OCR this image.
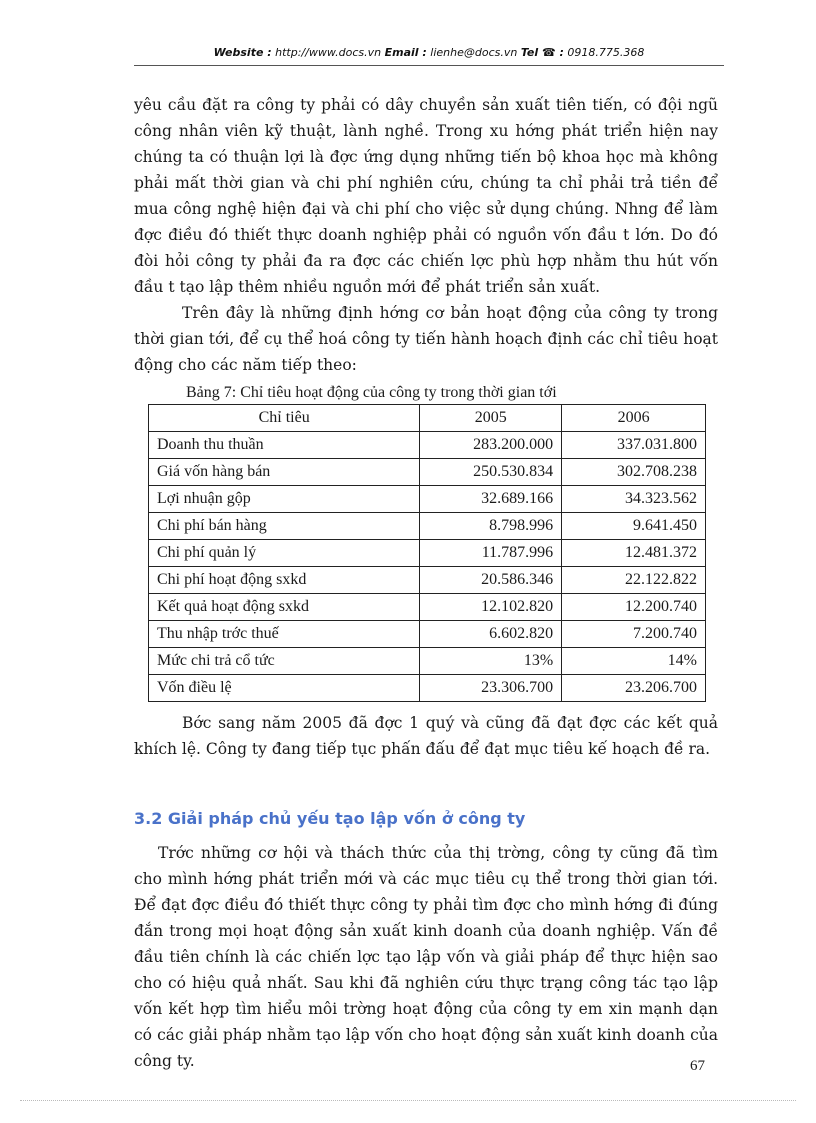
Website : http://www.docs.vn Email : lienhe@docs.vn Tel ☎ : 0918.775.368

yêu cầu đặt ra công ty phải có dây chuyền sản xuất tiên tiến, có đội ngũ công nhân viên kỹ thuật, lành nghề. Trong xu hớng phát triển hiện nay chúng ta có thuận lợi là đợc ứng dụng những tiến bộ khoa học mà không phải mất thời gian và chi phí nghiên cứu, chúng ta chỉ phải trả tiền để mua công nghệ hiện đại và chi phí cho việc sử dụng chúng. Nhng để làm đợc điều đó thiết thực doanh nghiệp phải có nguồn vốn đầu t lớn. Do đó đòi hỏi công ty phải đa ra đợc các chiến lợc phù hợp nhằm thu hút vốn đầu t tạo lập thêm nhiều nguồn mới để phát triển sản xuất.

Trên đây là những định hớng cơ bản hoạt động của công ty trong thời gian tới, để cụ thể hoá công ty tiến hành hoạch định các chỉ tiêu hoạt động cho các năm tiếp theo:

Bảng 7: Chỉ tiêu hoạt động của công ty trong thời gian tới
Chỉ tiêu	2005	2006
Doanh thu thuần	283.200.000	337.031.800
Giá vốn hàng bán	250.530.834	302.708.238
Lợi nhuận gộp	32.689.166	34.323.562
Chi phí bán hàng	8.798.996	9.641.450
Chi phí quản lý	11.787.996	12.481.372
Chi phí hoạt động sxkd	20.586.346	22.122.822
Kết quả hoạt động sxkd	12.102.820	12.200.740
Thu nhập trớc thuế	6.602.820	7.200.740
Mức chi trả cổ tức	13%	14%
Vốn điều lệ	23.306.700	23.206.700

Bớc sang năm 2005 đã đợc 1 quý và cũng đã đạt đợc các kết quả khích lệ. Công ty đang tiếp tục phấn đấu để đạt mục tiêu kế hoạch đề ra.

3.2 Giải pháp chủ yếu tạo lập vốn ở công ty

Trớc những cơ hội và thách thức của thị trờng, công ty cũng đã tìm cho mình hớng phát triển mới và các mục tiêu cụ thể trong thời gian tới. Để đạt đợc điều đó thiết thực công ty phải tìm đợc cho mình hớng đi đúng đắn trong mọi hoạt động sản xuất kinh doanh của doanh nghiệp. Vấn đề đầu tiên chính là các chiến lợc tạo lập vốn và giải pháp để thực hiện sao cho có hiệu quả nhất. Sau khi đã nghiên cứu thực trạng công tác tạo lập vốn kết hợp tìm hiểu môi trờng hoạt động của công ty em xin mạnh dạn có các giải pháp nhằm tạo lập vốn cho hoạt động sản xuất kinh doanh của công ty.	67
